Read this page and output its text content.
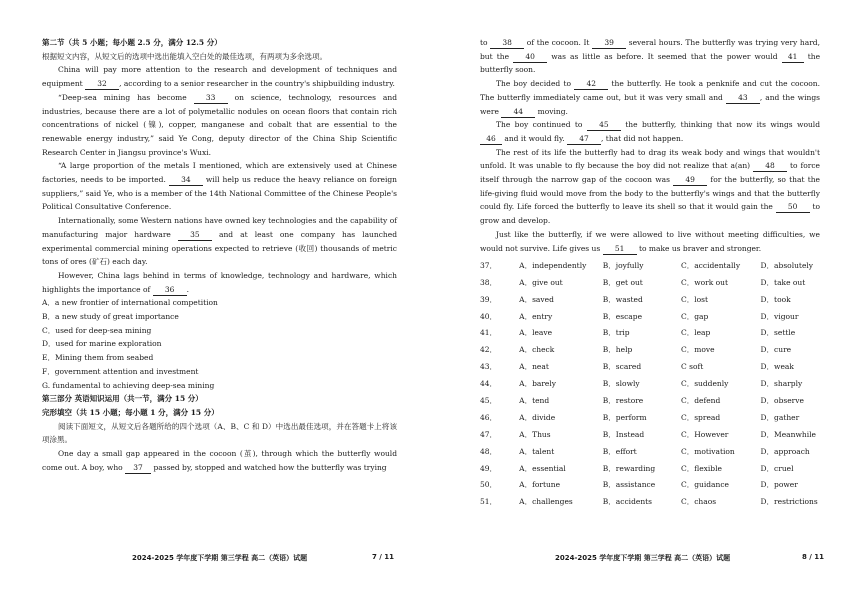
第二节（共 5 小题；每小题 2.5 分，满分 12.5 分）
根据短文内容，从短文后的选项中选出能填入空白处的最佳选项，有两项为多余选项。
China will pay more attention to the research and development of techniques and equipment 32 , according to a senior researcher in the country's shipbuilding industry.
“Deep-sea mining has become 33 on science, technology, resources and industries, because there are a lot of polymetallic nodules on ocean floors that contain rich concentrations of nickel (镍), copper, manganese and cobalt that are essential to the renewable energy industry,” said Ye Cong, deputy director of the China Ship Scientific Research Center in Jiangsu province's Wuxi.
“A large proportion of the metals I mentioned, which are extensively used at Chinese factories, needs to be imported. 34 will help us reduce the heavy reliance on foreign suppliers,” said Ye, who is a member of the 14th National Committee of the Chinese People's Political Consultative Conference.
Internationally, some Western nations have owned key technologies and the capability of manufacturing major hardware 35 and at least one company has launched experimental commercial mining operations expected to retrieve (收回) thousands of metric tons of ores (矿石) each day.
However, China lags behind in terms of knowledge, technology and hardware, which highlights the importance of 36 .
A．a new frontier of international competition
B．a new study of great importance
C．used for deep-sea mining
D．used for marine exploration
E．Mining them from seabed
F．government attention and investment
G. fundamental to achieving deep-sea mining
第三部分 英语知识运用（共一节，满分 15 分）
完形填空（共 15 小题；每小题 1 分，满分 15 分）
阅读下面短文，从短文后各题所给的四个选项（A、B、C 和 D）中选出最佳选项，并在答题卡上将该项涂黑。
One day a small gap appeared in the cocoon (茧), through which the butterfly would come out. A boy, who 37 passed by, stopped and watched how the butterfly was trying
2024-2025 学年度下学期 第三学程 高二（英语）试题	7 / 11
to 38 of the cocoon. It 39 several hours. The butterfly was trying very hard, but the 40 was as little as before. It seemed that the power would 41 the butterfly soon.
The boy decided to 42 the butterfly. He took a penknife and cut the cocoon. The butterfly immediately came out, but it was very small and 43 , and the wings were 44 moving.
The boy continued to 45 the butterfly, thinking that now its wings would 46 and it would fly. 47 , that did not happen.
The rest of its life the butterfly had to drag its weak body and wings that wouldn't unfold. It was unable to fly because the boy did not realize that a(an) 48 to force itself through the narrow gap of the cocoon was 49 for the butterfly, so that the life-giving fluid would move from the body to the butterfly's wings and that the butterfly could fly. Life forced the butterfly to leave its shell so that it would gain the 50 to grow and develop.
Just like the butterfly, if we were allowed to live without meeting difficulties, we would not survive. Life gives us 51 to make us braver and stronger.
37．	A．independently	B．joyfully	C．accidentally	D．absolutely
38．	A．give out	B．get out	C．work out	D．take out
39．	A．saved	B．wasted	C．lost	D．took
40．	A．entry	B．escape	C．gap	D．vigour
41．	A．leave	B．trip	C．leap	D．settle
42．	A．check	B．help	C．move	D．cure
43．	A．neat	B．scared	C soft	D．weak
44．	A．barely	B．slowly	C．suddenly	D．sharply
45．	A．tend	B．restore	C．defend	D．observe
46．	A．divide	B．perform	C．spread	D．gather
47．	A．Thus	B．Instead	C．However	D．Meanwhile
48．	A．talent	B．effort	C．motivation	D．approach
49．	A．essential	B．rewarding	C．flexible	D．cruel
50．	A．fortune	B．assistance	C．guidance	D．power
51．	A．challenges	B．accidents	C．chaos	D．restrictions
2024-2025 学年度下学期 第三学程 高二（英语）试题	8 / 11
